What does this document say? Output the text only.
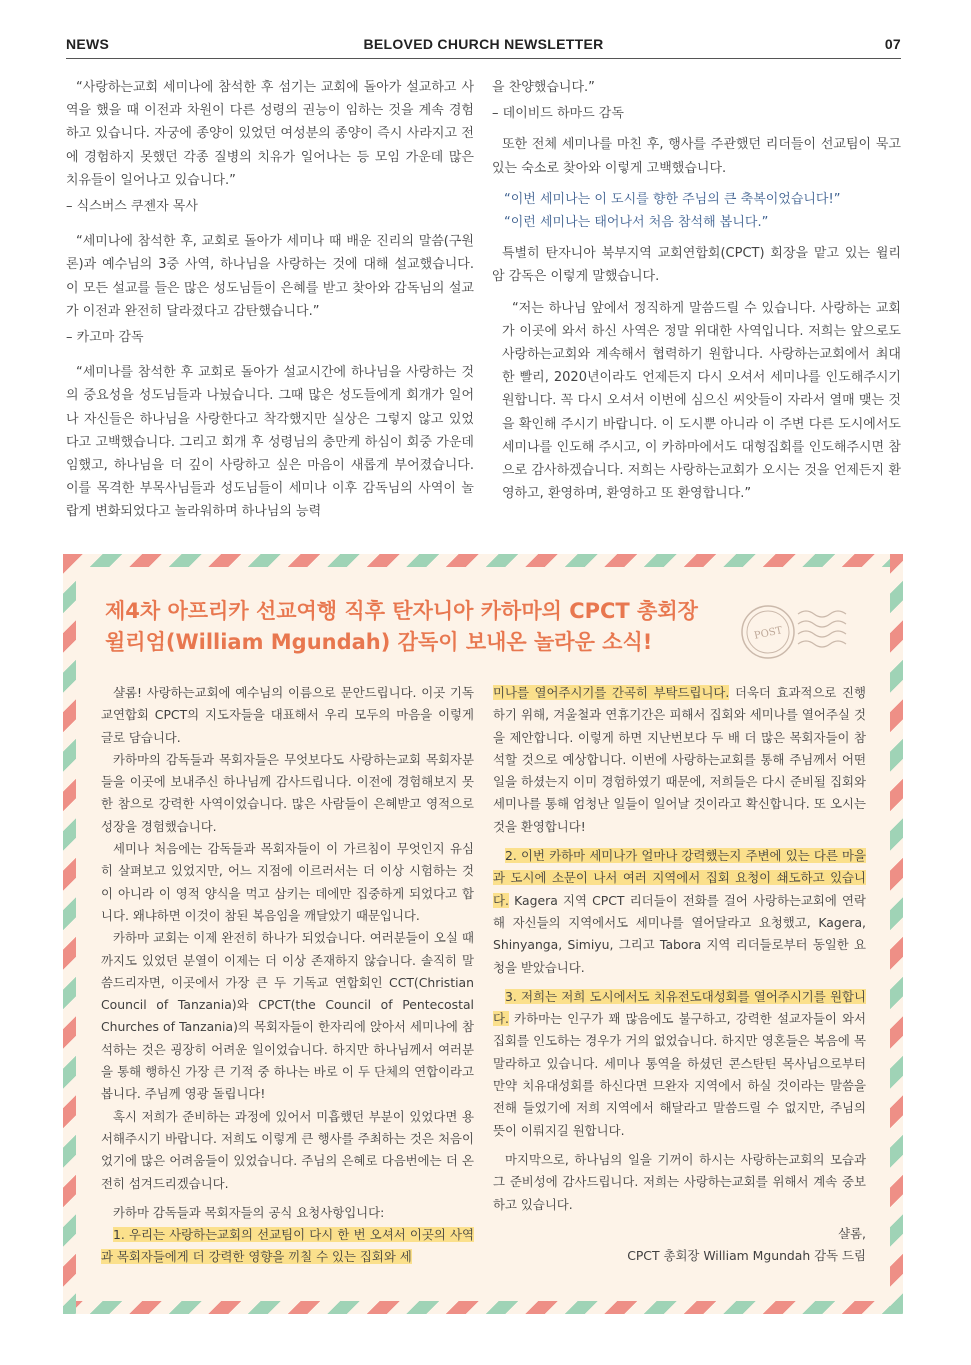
NEWS	BELOVED CHURCH NEWSLETTER	07

“사랑하는교회 세미나에 참석한 후 섬기는 교회에 돌아가 설교하고 사역을 했을 때 이전과 차원이 다른 성령의 권능이 임하는 것을 계속 경험하고 있습니다. 자궁에 종양이 있었던 여성분의 종양이 즉시 사라지고 전에 경험하지 못했던 각종 질병의 치유가 일어나는 등 모임 가운데 많은 치유들이 일어나고 있습니다.”

– 식스버스 쿠젠자 목사

“세미나에 참석한 후, 교회로 돌아가 세미나 때 배운 진리의 말씀(구원론)과 예수님의 3중 사역, 하나님을 사랑하는 것에 대해 설교했습니다. 이 모든 설교를 들은 많은 성도님들이 은혜를 받고 찾아와 감독님의 설교가 이전과 완전히 달라졌다고 감탄했습니다.”

– 카고마 감독

“세미나를 참석한 후 교회로 돌아가 설교시간에 하나님을 사랑하는 것의 중요성을 성도님들과 나눴습니다. 그때 많은 성도들에게 회개가 일어나 자신들은 하나님을 사랑한다고 착각했지만 실상은 그렇지 않고 있었다고 고백했습니다. 그리고 회개 후 성령님의 충만케 하심이 회중 가운데 임했고, 하나님을 더 깊이 사랑하고 싶은 마음이 새롭게 부어졌습니다. 이를 목격한 부목사님들과 성도님들이 세미나 이후 감독님의 사역이 놀랍게 변화되었다고 놀라워하며 하나님의 능력

을 찬양했습니다.”

– 데이비드 하마드 감독

또한 전체 세미나를 마친 후, 행사를 주관했던 리더들이 선교팀이 묵고 있는 숙소로 찾아와 이렇게 고백했습니다.

“이번 세미나는 이 도시를 향한 주님의 큰 축복이었습니다!”

“이런 세미나는 태어나서 처음 참석해 봅니다.”

특별히 탄자니아 북부지역 교회연합회(CPCT) 회장을 맡고 있는 윌리암 감독은 이렇게 말했습니다.

“저는 하나님 앞에서 정직하게 말씀드릴 수 있습니다. 사랑하는 교회가 이곳에 와서 하신 사역은 정말 위대한 사역입니다. 저희는 앞으로도 사랑하는교회와 계속해서 협력하기 원합니다. 사랑하는교회에서 최대한 빨리, 2020년이라도 언제든지 다시 오셔서 세미나를 인도해주시기 원합니다. 꼭 다시 오셔서 이번에 심으신 씨앗들이 자라서 열매 맺는 것을 확인해 주시기 바랍니다. 이 도시뿐 아니라 이 주변 다른 도시에서도 세미나를 인도해 주시고, 이 카하마에서도 대형집회를 인도해주시면 참으로 감사하겠습니다. 저희는 사랑하는교회가 오시는 것을 언제든지 환영하고, 환영하며, 환영하고 또 환영합니다.”

제4차 아프리카 선교여행 직후 탄자니아 카하마의 CPCT 총회장
윌리엄(William Mgundah) 감독이 보내온 놀라운 소식!	POST

샬롬! 사랑하는교회에 예수님의 이름으로 문안드립니다. 이곳 기독교연합회 CPCT의 지도자들을 대표해서 우리 모두의 마음을 이렇게 글로 담습니다.

카하마의 감독들과 목회자들은 무엇보다도 사랑하는교회 목회자분들을 이곳에 보내주신 하나님께 감사드립니다. 이전에 경험해보지 못한 참으로 강력한 사역이었습니다. 많은 사람들이 은혜받고 영적으로 성장을 경험했습니다.

세미나 처음에는 감독들과 목회자들이 이 가르침이 무엇인지 유심히 살펴보고 있었지만, 어느 지점에 이르러서는 더 이상 시험하는 것이 아니라 이 영적 양식을 먹고 삼키는 데에만 집중하게 되었다고 합니다. 왜냐하면 이것이 참된 복음임을 깨달았기 때문입니다.

카하마 교회는 이제 완전히 하나가 되었습니다. 여러분들이 오실 때까지도 있었던 분열이 이제는 더 이상 존재하지 않습니다. 솔직히 말씀드리자면, 이곳에서 가장 큰 두 기독교 연합회인 CCT(Christian Council of Tanzania)와 CPCT(the Council of Pentecostal Churches of Tanzania)의 목회자들이 한자리에 앉아서 세미나에 참석하는 것은 굉장히 어려운 일이었습니다. 하지만 하나님께서 여러분을 통해 행하신 가장 큰 기적 중 하나는 바로 이 두 단체의 연합이라고 봅니다. 주님께 영광 돌립니다!

혹시 저희가 준비하는 과정에 있어서 미흡했던 부분이 있었다면 용서해주시기 바랍니다. 저희도 이렇게 큰 행사를 주최하는 것은 처음이었기에 많은 어려움들이 있었습니다. 주님의 은혜로 다음번에는 더 온전히 섬겨드리겠습니다.

카하마 감독들과 목회자들의 공식 요청사항입니다:

1. 우리는 사랑하는교회의 선교팀이 다시 한 번 오셔서 이곳의 사역과 목회자들에게 더 강력한 영향을 끼칠 수 있는 집회와 세

미나를 열어주시기를 간곡히 부탁드립니다. 더욱더 효과적으로 진행하기 위해, 겨울철과 연휴기간은 피해서 집회와 세미나를 열어주실 것을 제안합니다. 이렇게 하면 지난번보다 두 배 더 많은 목회자들이 참석할 것으로 예상합니다. 이번에 사랑하는교회를 통해 주님께서 어떤 일을 하셨는지 이미 경험하였기 때문에, 저희들은 다시 준비될 집회와 세미나를 통해 엄청난 일들이 일어날 것이라고 확신합니다. 또 오시는 것을 환영합니다!

2. 이번 카하마 세미나가 얼마나 강력했는지 주변에 있는 다른 마을과 도시에 소문이 나서 여러 지역에서 집회 요청이 쇄도하고 있습니다. Kagera 지역 CPCT 리더들이 전화를 걸어 사랑하는교회에 연락해 자신들의 지역에서도 세미나를 열어달라고 요청했고, Kagera, Shinyanga, Simiyu, 그리고 Tabora 지역 리더들로부터 동일한 요청을 받았습니다.

3. 저희는 저희 도시에서도 치유전도대성회를 열어주시기를 원합니다. 카하마는 인구가 꽤 많음에도 불구하고, 강력한 설교자들이 와서 집회를 인도하는 경우가 거의 없었습니다. 하지만 영혼들은 복음에 목말라하고 있습니다. 세미나 통역을 하셨던 콘스탄틴 목사님으로부터 만약 치유대성회를 하신다면 므완자 지역에서 하실 것이라는 말씀을 전해 들었기에 저희 지역에서 해달라고 말씀드릴 수 없지만, 주님의 뜻이 이뤄지길 원합니다.

마지막으로, 하나님의 일을 기꺼이 하시는 사랑하는교회의 모습과 그 준비성에 감사드립니다. 저희는 사랑하는교회를 위해서 계속 중보하고 있습니다.

샬롬,

CPCT 총회장 William Mgundah 감독 드림
